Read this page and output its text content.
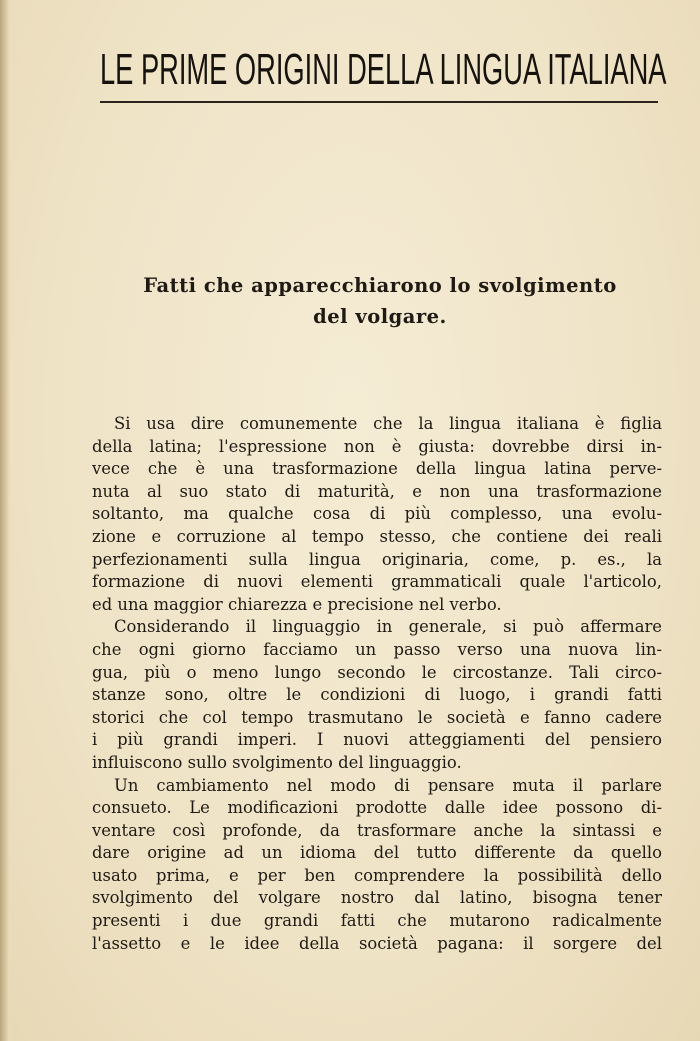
LE PRIME ORIGINI DELLA LINGUA ITALIANA
Fatti che apparecchiarono lo svolgimento
del volgare.
Si usa dire comunemente che la lingua italiana è figlia
della latina; l'espressione non è giusta: dovrebbe dirsi in-
vece che è una trasformazione della lingua latina perve-
nuta al suo stato di maturità, e non una trasformazione
soltanto, ma qualche cosa di più complesso, una evolu-
zione e corruzione al tempo stesso, che contiene dei reali
perfezionamenti sulla lingua originaria, come, p. es., la
formazione di nuovi elementi grammaticali quale l'articolo,
ed una maggior chiarezza e precisione nel verbo.
Considerando il linguaggio in generale, si può affermare
che ogni giorno facciamo un passo verso una nuova lin-
gua, più o meno lungo secondo le circostanze. Tali circo-
stanze sono, oltre le condizioni di luogo, i grandi fatti
storici che col tempo trasmutano le società e fanno cadere
i più grandi imperi. I nuovi atteggiamenti del pensiero
influiscono sullo svolgimento del linguaggio.
Un cambiamento nel modo di pensare muta il parlare
consueto. Le modificazioni prodotte dalle idee possono di-
ventare così profonde, da trasformare anche la sintassi e
dare origine ad un idioma del tutto differente da quello
usato prima, e per ben comprendere la possibilità dello
svolgimento del volgare nostro dal latino, bisogna tener
presenti i due grandi fatti che mutarono radicalmente
l'assetto e le idee della società pagana: il sorgere del
